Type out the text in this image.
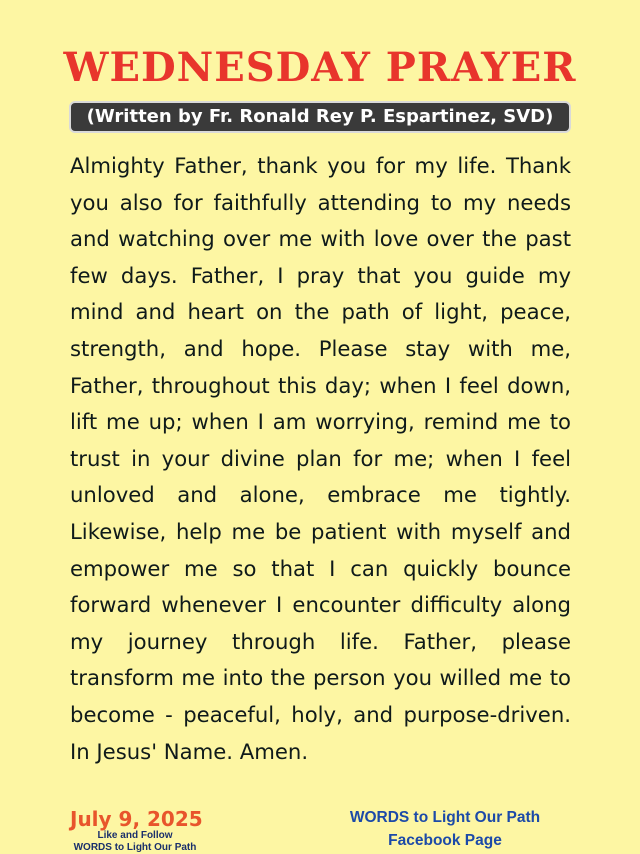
WEDNESDAY PRAYER
(Written by Fr. Ronald Rey P. Espartinez, SVD)

Almighty Father, thank you for my life. Thank you also for faithfully attending to my needs and watching over me with love over the past few days. Father, I pray that you guide my mind and heart on the path of light, peace, strength, and hope. Please stay with me, Father, throughout this day; when I feel down, lift me up; when I am worrying, remind me to trust in your divine plan for me; when I feel unloved and alone, embrace me tightly. Likewise, help me be patient with myself and empower me so that I can quickly bounce forward whenever I encounter difficulty along my journey through life. Father, please transform me into the person you willed me to become - peaceful, holy, and purpose-driven. In Jesus' Name. Amen.

July 9, 2025
Like and Follow
WORDS to Light Our Path
WORDS to Light Our Path
Facebook Page
